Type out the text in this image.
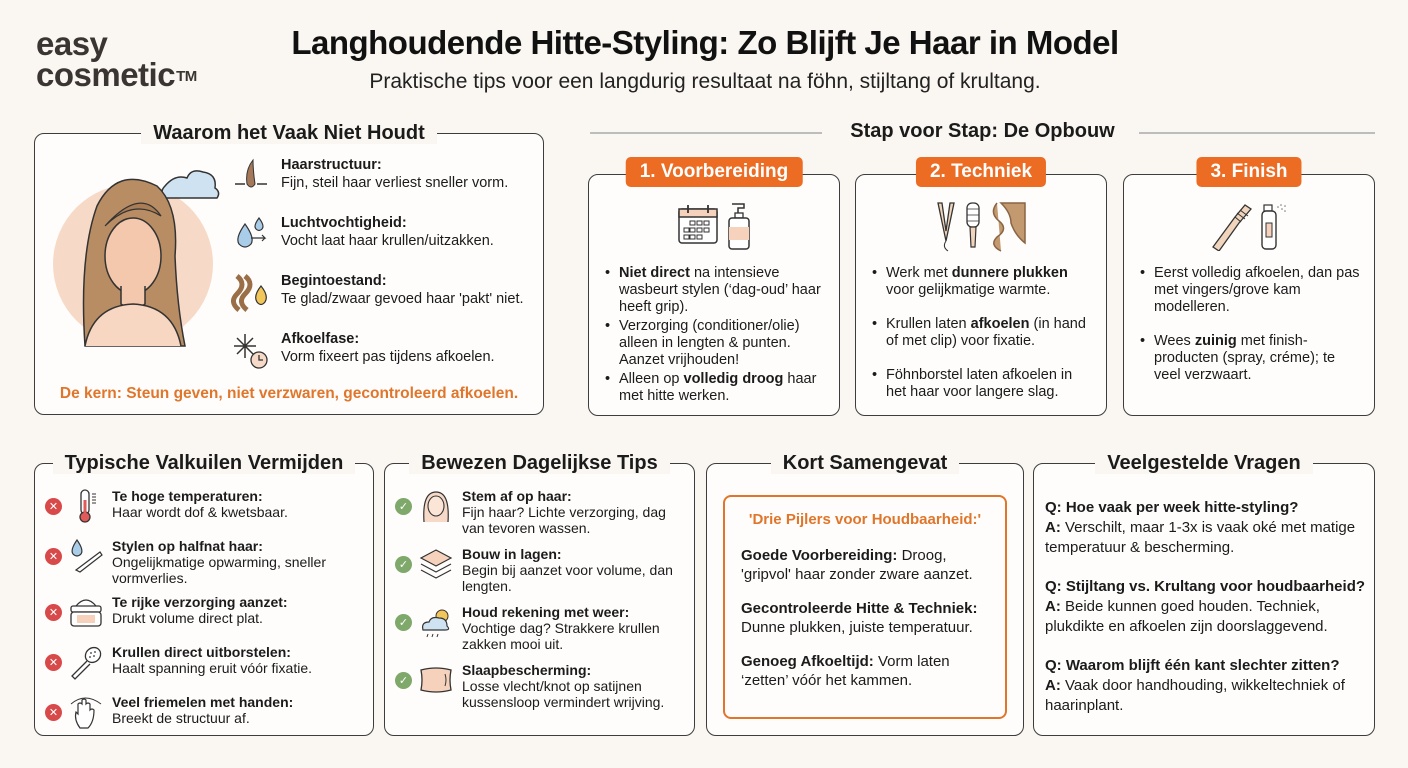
easy
cosmetic™
Langhoudende Hitte-Styling: Zo Blijft Je Haar in Model
Praktische tips voor een langdurig resultaat na föhn, stijltang of krultang.
Waarom het Vaak Niet Houdt
Haarstructuur:
Fijn, steil haar verliest sneller vorm.
Luchtvochtigheid:
Vocht laat haar krullen/uitzakken.
Begintoestand:
Te glad/zwaar gevoed haar 'pakt' niet.
Afkoelfase:
Vorm fixeert pas tijdens afkoelen.
De kern: Steun geven, niet verzwaren, gecontroleerd afkoelen.
Stap voor Stap: De Opbouw
1. Voorbereiding
• Niet direct na intensieve wasbeurt stylen (‘dag-oud’ haar heeft grip).
• Verzorging (conditioner/olie) alleen in lengten & punten. Aanzet vrijhouden!
• Alleen op volledig droog haar met hitte werken.
2. Techniek
• Werk met dunnere plukken voor gelijkmatige warmte.
• Krullen laten afkoelen (in hand of met clip) voor fixatie.
• Föhnborstel laten afkoelen in het haar voor langere slag.
3. Finish
• Eerst volledig afkoelen, dan pas met vingers/grove kam modelleren.
• Wees zuinig met finish-producten (spray, créme); te veel verzwaart.
Typische Valkuilen Vermijden
✕
Te hoge temperaturen:
Haar wordt dof & kwetsbaar.
✕
Stylen op halfnat haar:
Ongelijkmatige opwarming, sneller vormverlies.
✕
Te rijke verzorging aanzet:
Drukt volume direct plat.
✕
Krullen direct uitborstelen:
Haalt spanning eruit vóór fixatie.
✕
Veel friemelen met handen:
Breekt de structuur af.
Bewezen Dagelijkse Tips
✓
Stem af op haar:
Fijn haar? Lichte verzorging, dag van tevoren wassen.
✓
Bouw in lagen:
Begin bij aanzet voor volume, dan lengten.
✓
Houd rekening met weer:
Vochtige dag? Strakkere krullen zakken mooi uit.
✓
Slaapbescherming:
Losse vlecht/knot op satijnen kussensloop vermindert wrijving.
Kort Samengevat
'Drie Pijlers voor Houdbaarheid:'
Goede Voorbereiding: Droog, 'gripvol' haar zonder zware aanzet.
Gecontroleerde Hitte & Techniek:
Dunne plukken, juiste temperatuur.
Genoeg Afkoeltijd: Vorm laten ‘zetten’ vóór het kammen.
Veelgestelde Vragen
Q: Hoe vaak per week hitte-styling?
A: Verschilt, maar 1-3x is vaak oké met matige temperatuur & bescherming.
Q: Stijltang vs. Krultang voor houdbaarheid?
A: Beide kunnen goed houden. Techniek, plukdikte en afkoelen zijn doorslaggevend.
Q: Waarom blijft één kant slechter zitten?
A: Vaak door handhouding, wikkeltechniek of haarinplant.
